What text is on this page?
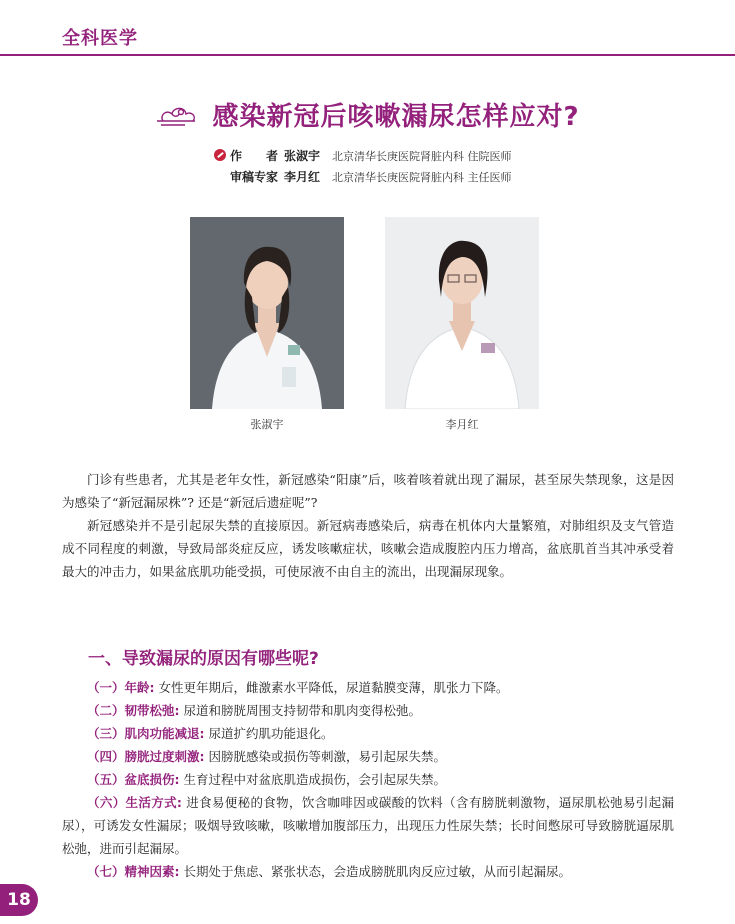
全科医学
感染新冠后咳嗽漏尿怎样应对?
作　　者 张淑宇 北京清华长庚医院肾脏内科 住院医师
审稿专家 李月红 北京清华长庚医院肾脏内科 主任医师
张淑宇	李月红

门诊有些患者，尤其是老年女性，新冠感染“阳康”后，咳着咳着就出现了漏尿，甚至尿失禁现象，这是因为感染了“新冠漏尿株”? 还是“新冠后遗症呢”?

新冠感染并不是引起尿失禁的直接原因。新冠病毒感染后，病毒在机体内大量繁殖，对肺组织及支气管造成不同程度的刺激，导致局部炎症反应，诱发咳嗽症状，咳嗽会造成腹腔内压力增高，盆底肌首当其冲承受着最大的冲击力，如果盆底肌功能受损，可使尿液不由自主的流出，出现漏尿现象。

一、导致漏尿的原因有哪些呢?

（一）年龄: 女性更年期后，雌激素水平降低，尿道黏膜变薄，肌张力下降。

（二）韧带松弛: 尿道和膀胱周围支持韧带和肌肉变得松弛。

（三）肌肉功能减退: 尿道扩约肌功能退化。

（四）膀胱过度刺激: 因膀胱感染或损伤等刺激，易引起尿失禁。

（五）盆底损伤: 生育过程中对盆底肌造成损伤，会引起尿失禁。

（六）生活方式: 进食易便秘的食物，饮含咖啡因或碳酸的饮料（含有膀胱刺激物，逼尿肌松弛易引起漏尿），可诱发女性漏尿；吸烟导致咳嗽，咳嗽增加腹部压力，出现压力性尿失禁；长时间憋尿可导致膀胱逼尿肌松弛，进而引起漏尿。

（七）精神因素: 长期处于焦虑、紧张状态，会造成膀胱肌肉反应过敏，从而引起漏尿。

18
